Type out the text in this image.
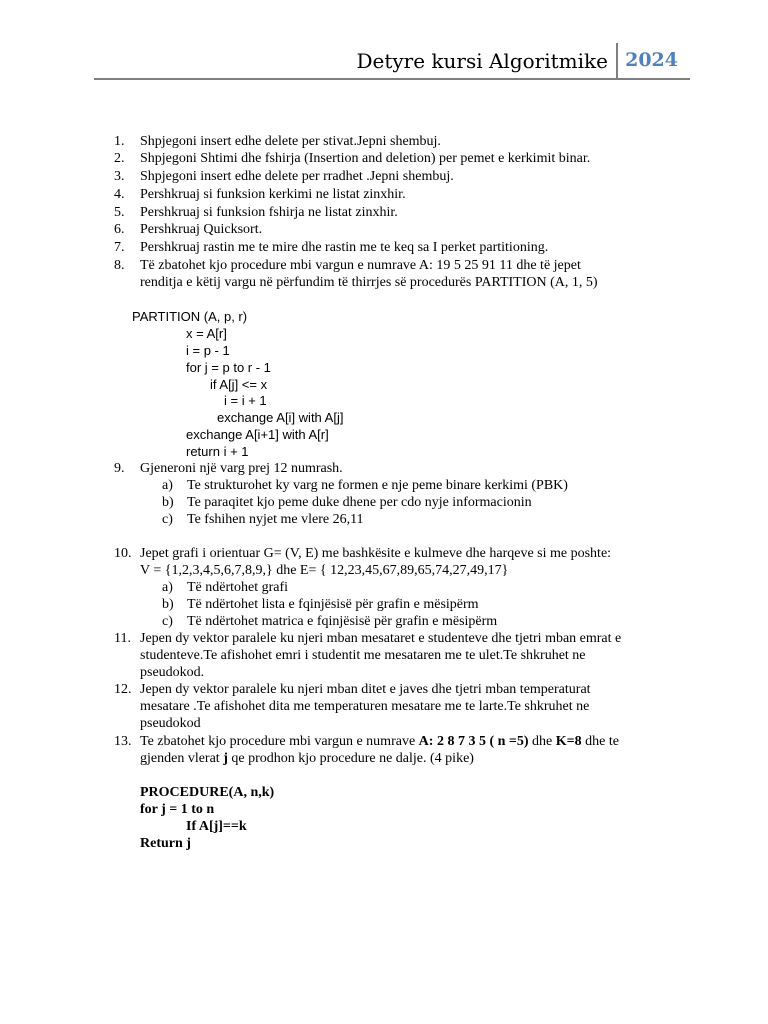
Detyre kursi Algoritmike 2024
1.	Shpjegoni insert edhe delete per stivat.Jepni shembuj.
2.	Shpjegoni Shtimi dhe fshirja (Insertion and deletion) per pemet e kerkimit binar.
3.	Shpjegoni insert edhe delete per rradhet .Jepni shembuj.
4.	Pershkruaj si funksion kerkimi ne listat zinxhir.
5.	Pershkruaj si funksion fshirja ne listat zinxhir.
6.	Pershkruaj Quicksort.
7.	Pershkruaj rastin me te mire dhe rastin me te keq sa I perket partitioning.
8.	Të zbatohet kjo procedure mbi vargun e numrave A: 19 5 25 91 11 dhe të jepet
renditja e këtij vargu në përfundim të thirrjes së procedurës PARTITION (A, 1, 5)
PARTITION (A, p, r)
x = A[r]
i = p - 1
for j = p to r - 1
if A[j] <= x
i = i + 1
exchange A[i] with A[j]
exchange A[i+1] with A[r]
return i + 1
9.	Gjeneroni një varg prej 12 numrash.
a) Te strukturohet ky varg ne formen e nje peme binare kerkimi (PBK)
b) Te paraqitet kjo peme duke dhene per cdo nyje informacionin
c) Te fshihen nyjet me vlere 26,11
10. Jepet grafi i orientuar G= (V, E) me bashkësite e kulmeve dhe harqeve si me poshte:
V = {1,2,3,4,5,6,7,8,9,} dhe E= { 12,23,45,67,89,65,74,27,49,17}
a) Të ndërtohet grafi
b) Të ndërtohet lista e fqinjësisë për grafin e mësipërm
c) Të ndërtohet matrica e fqinjësisë për grafin e mësipërm
11. Jepen dy vektor paralele ku njeri mban mesataret e studenteve dhe tjetri mban emrat e
studenteve.Te afishohet emri i studentit me mesataren me te ulet.Te shkruhet ne
pseudokod.
12. Jepen dy vektor paralele ku njeri mban ditet e javes dhe tjetri mban temperaturat
mesatare .Te afishohet dita me temperaturen mesatare me te larte.Te shkruhet ne
pseudokod
13. Te zbatohet kjo procedure mbi vargun e numrave A: 2 8 7 3 5 ( n =5) dhe K=8 dhe te
gjenden vlerat j qe prodhon kjo procedure ne dalje. (4 pike)
PROCEDURE(A, n,k)
for j = 1 to n
If A[j]==k
Return j
